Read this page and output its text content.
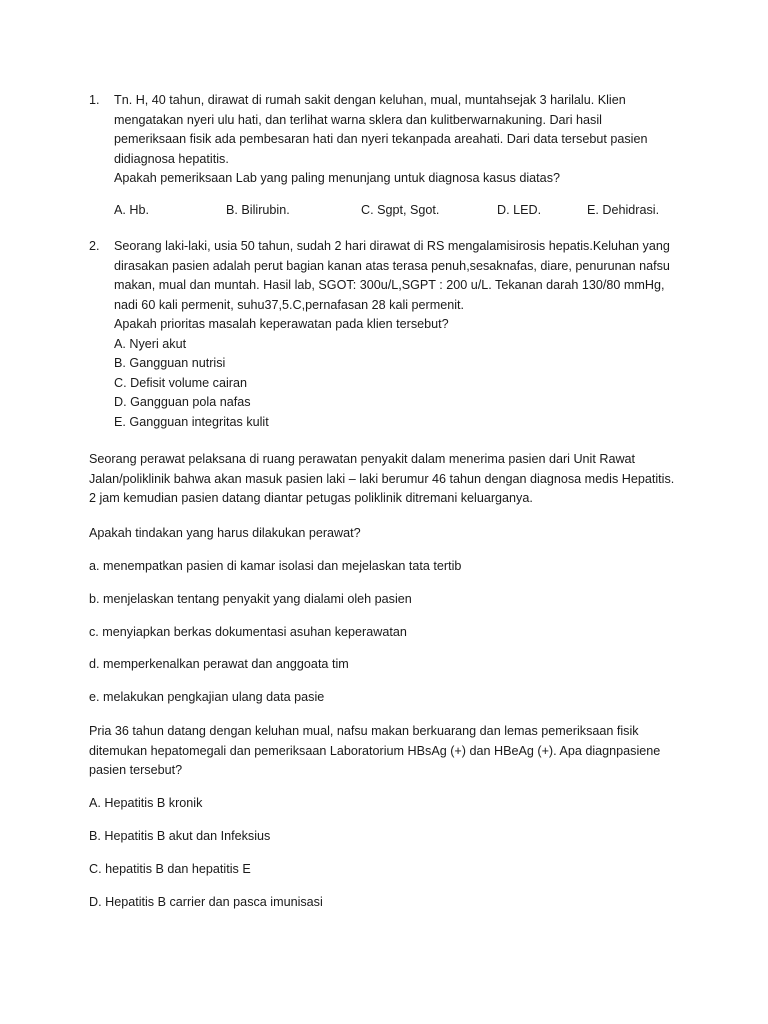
1.	Tn. H, 40 tahun, dirawat di rumah sakit dengan keluhan, mual, muntahsejak 3 harilalu. Klien
mengatakan nyeri ulu hati, dan terlihat warna sklera dan kulitberwarnakuning. Dari hasil
pemeriksaan fisik ada pembesaran hati dan nyeri tekanpada areahati. Dari data tersebut pasien
didiagnosa hepatitis.
Apakah pemeriksaan Lab yang paling menunjang untuk diagnosa kasus diatas?
A. Hb.	B. Bilirubin.	C. Sgpt, Sgot.	D. LED.	E. Dehidrasi.
2.	Seorang laki-laki, usia 50 tahun, sudah 2 hari dirawat di RS mengalamisirosis hepatis.Keluhan yang
dirasakan pasien adalah perut bagian kanan atas terasa penuh,sesaknafas, diare, penurunan nafsu
makan, mual dan muntah. Hasil lab, SGOT: 300u/L,SGPT : 200 u/L. Tekanan darah 130/80 mmHg,
nadi 60 kali permenit, suhu37,5.C,pernafasan 28 kali permenit.
Apakah prioritas masalah keperawatan pada klien tersebut?
A. Nyeri akut
B. Gangguan nutrisi
C. Defisit volume cairan
D. Gangguan pola nafas
E. Gangguan integritas kulit
Seorang perawat pelaksana di ruang perawatan penyakit dalam menerima pasien dari Unit Rawat
Jalan/poliklinik bahwa akan masuk pasien laki – laki berumur 46 tahun dengan diagnosa medis Hepatitis.
2 jam kemudian pasien datang diantar petugas poliklinik ditremani keluarganya.
Apakah tindakan yang harus dilakukan perawat?
a. menempatkan pasien di kamar isolasi dan mejelaskan tata tertib
b. menjelaskan tentang penyakit yang dialami oleh pasien
c. menyiapkan berkas dokumentasi asuhan keperawatan
d. memperkenalkan perawat dan anggoata tim
e. melakukan pengkajian ulang data pasie
Pria 36 tahun datang dengan keluhan mual, nafsu makan berkuarang dan lemas pemeriksaan fisik
ditemukan hepatomegali dan pemeriksaan Laboratorium HBsAg (+) dan HBeAg (+). Apa diagnpasiene
pasien tersebut?
A. Hepatitis B kronik
B. Hepatitis B akut dan Infeksius
C. hepatitis B dan hepatitis E
D. Hepatitis B carrier dan pasca imunisasi
